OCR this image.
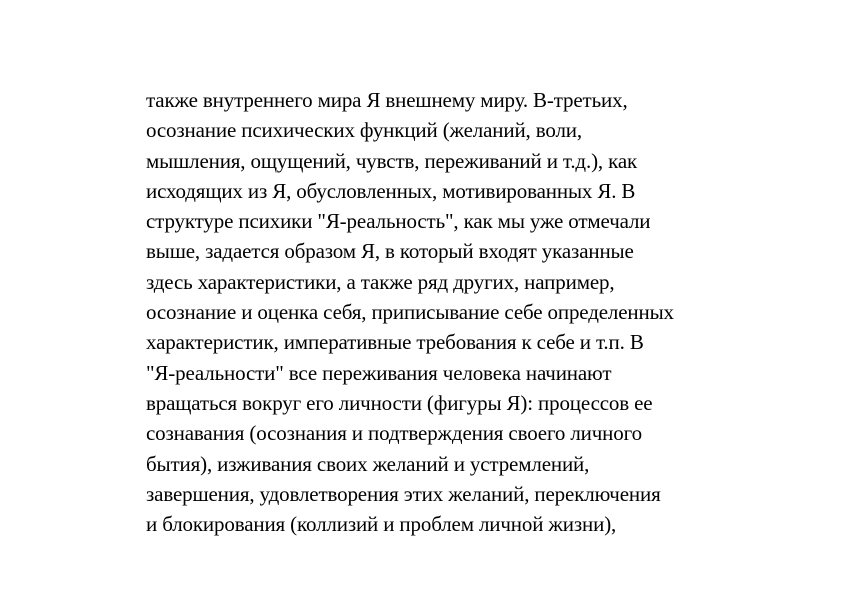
также внутреннего мира Я внешнему миру. В-третьих,
осознание психических функций (желаний, воли,
мышления, ощущений, чувств, переживаний и т.д.), как
исходящих из Я, обусловленных, мотивированных Я. В
структуре психики "Я-реальность", как мы уже отмечали
выше, задается образом Я, в который входят указанные
здесь характеристики, а также ряд других, например,
осознание и оценка себя, приписывание себе определенных
характеристик, императивные требования к себе и т.п. В
"Я-реальности" все переживания человека начинают
вращаться вокруг его личности (фигуры Я): процессов ее
сознавания (осознания и подтверждения своего личного
бытия), изживания своих желаний и устремлений,
завершения, удовлетворения этих желаний, переключения
и блокирования (коллизий и проблем личной жизни),
